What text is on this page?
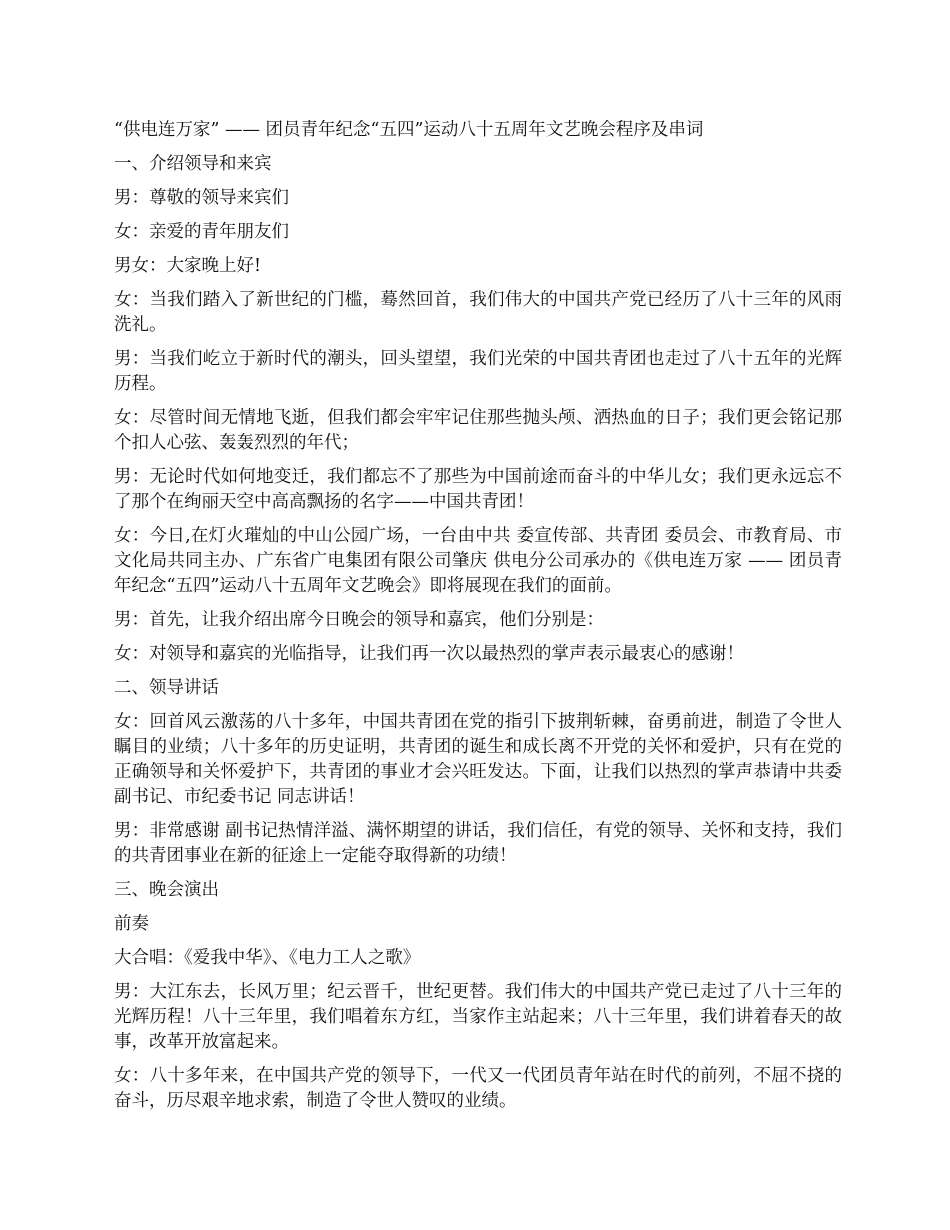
“供电连万家” —— 团员青年纪念“五四”运动八十五周年文艺晚会程序及串词

一、介绍领导和来宾

男：尊敬的领导来宾们

女：亲爱的青年朋友们

男女：大家晚上好!

女：当我们踏入了新世纪的门槛，蓦然回首，我们伟大的中国共产党已经历了八十三年的风雨洗礼。

男：当我们屹立于新时代的潮头，回头望望，我们光荣的中国共青团也走过了八十五年的光辉历程。

女：尽管时间无情地飞逝，但我们都会牢牢记住那些抛头颅、洒热血的日子；我们更会铭记那个扣人心弦、轰轰烈烈的年代；

男：无论时代如何地变迁，我们都忘不了那些为中国前途而奋斗的中华儿女；我们更永远忘不了那个在绚丽天空中高高飘扬的名字——中国共青团！

女：今日,在灯火璀灿的中山公园广场，一台由中共 委宣传部、共青团 委员会、市教育局、市文化局共同主办、广东省广电集团有限公司肇庆 供电分公司承办的《供电连万家 —— 团员青年纪念“五四”运动八十五周年文艺晚会》即将展现在我们的面前。

男：首先，让我介绍出席今日晚会的领导和嘉宾，他们分别是：

女：对领导和嘉宾的光临指导，让我们再一次以最热烈的掌声表示最衷心的感谢！

二、领导讲话

女：回首风云激荡的八十多年，中国共青团在党的指引下披荆斩棘，奋勇前进，制造了令世人瞩目的业绩；八十多年的历史证明，共青团的诞生和成长离不开党的关怀和爱护，只有在党的正确领导和关怀爱护下，共青团的事业才会兴旺发达。下面，让我们以热烈的掌声恭请中共委副书记、市纪委书记 同志讲话！

男：非常感谢 副书记热情洋溢、满怀期望的讲话，我们信任，有党的领导、关怀和支持，我们的共青团事业在新的征途上一定能夺取得新的功绩！

三、晚会演出

前奏

大合唱：《爱我中华》、《电力工人之歌》

男：大江东去，长风万里；纪云晋千，世纪更替。我们伟大的中国共产党已走过了八十三年的光辉历程！八十三年里，我们唱着东方红，当家作主站起来；八十三年里，我们讲着春天的故事，改革开放富起来。

女：八十多年来，在中国共产党的领导下，一代又一代团员青年站在时代的前列，不屈不挠的奋斗，历尽艰辛地求索，制造了令世人赞叹的业绩。
